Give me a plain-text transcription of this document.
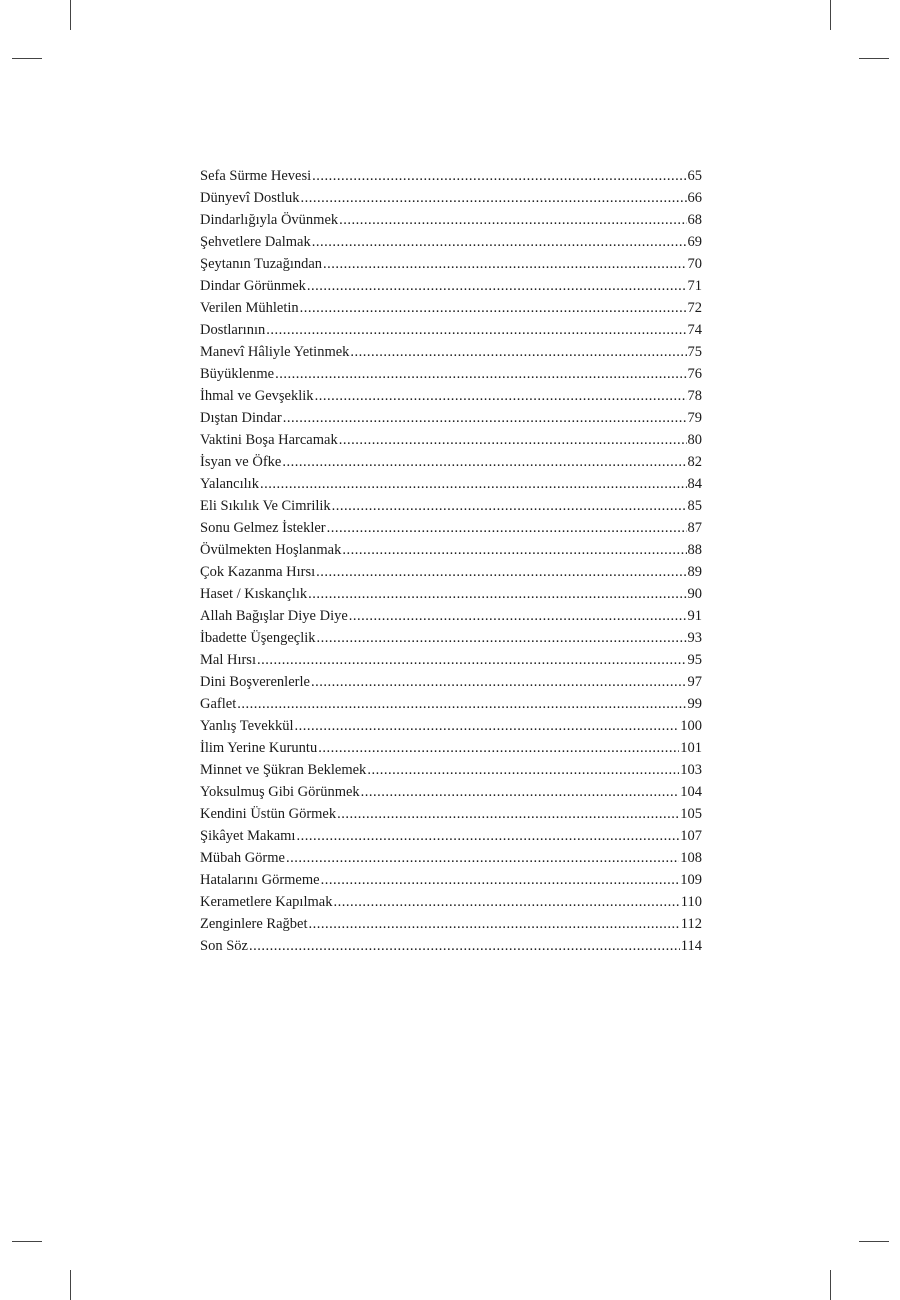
Sefa Sürme Hevesi .....	65
Dünyevî Dostluk .....	66
Dindarlığıyla Övünmek .....	68
Şehvetlere Dalmak .....	69
Şeytanın Tuzağından .....	70
Dindar Görünmek .....	71
Verilen Mühletin .....	72
Dostlarının .....	74
Manevî Hâliyle Yetinmek .....	75
Büyüklenme .....	76
İhmal ve Gevşeklik .....	78
Dıştan Dindar .....	79
Vaktini Boşa Harcamak .....	80
İsyan ve Öfke .....	82
Yalancılık .....	84
Eli Sıkılık Ve Cimrilik .....	85
Sonu Gelmez İstekler .....	87
Övülmekten Hoşlanmak .....	88
Çok Kazanma Hırsı .....	89
Haset / Kıskançlık .....	90
Allah Bağışlar Diye Diye .....	91
İbadette Üşengeçlik .....	93
Mal Hırsı .....	95
Dini Boşverenlerle .....	97
Gaflet .....	99
Yanlış Tevekkül .....	100
İlim Yerine Kuruntu .....	101
Minnet ve Şükran Beklemek .....	103
Yoksulmuş Gibi Görünmek .....	104
Kendini Üstün Görmek .....	105
Şikâyet Makamı .....	107
Mübah Görme .....	108
Hatalarını Görmeme .....	109
Kerametlere Kapılmak .....	110
Zenginlere Rağbet .....	112
Son Söz .....	114
